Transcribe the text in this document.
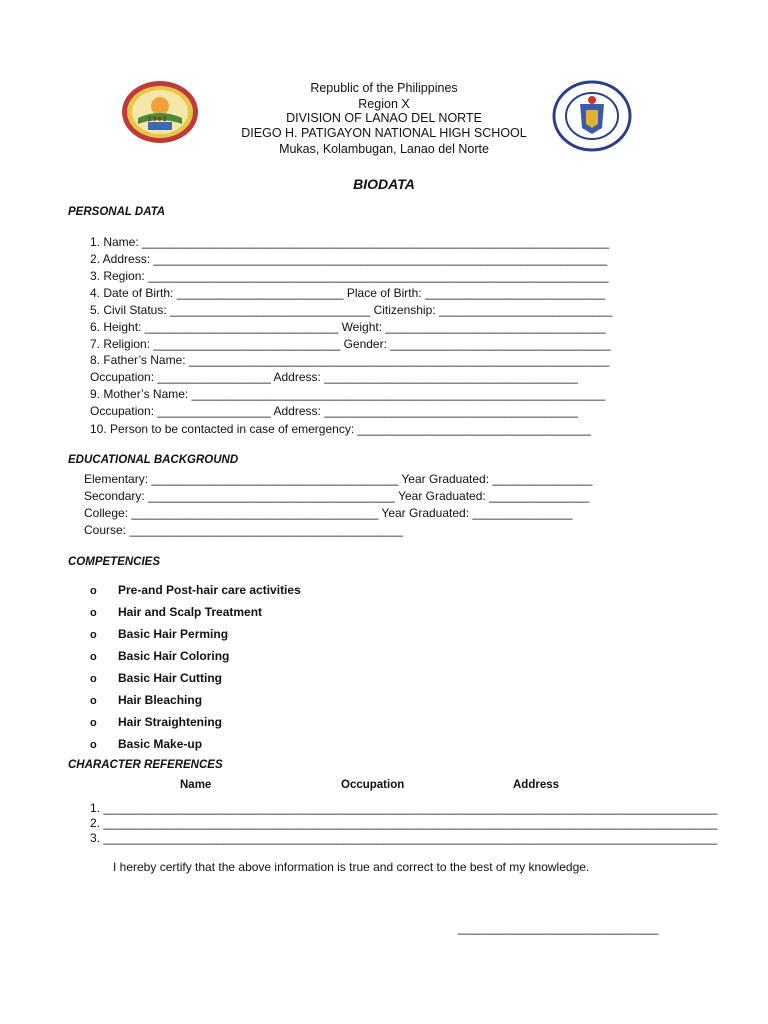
1 9 6 2
Republic of the Philippines
Region X
DIVISION OF LANAO DEL NORTE
DIEGO H. PATIGAYON NATIONAL HIGH SCHOOL
Mukas, Kolambugan, Lanao del Norte
BIODATA
PERSONAL DATA
1. Name: ______________________________________________________________________
2. Address: ____________________________________________________________________
3. Region: _____________________________________________________________________
4. Date of Birth: _________________________ Place of Birth: ___________________________
5. Civil Status: ______________________________ Citizenship: __________________________
6. Height: _____________________________ Weight: _________________________________
7. Religion: ____________________________ Gender: _________________________________
8. Father’s Name: _______________________________________________________________
Occupation: _________________ Address: ______________________________________
9. Mother’s Name: ______________________________________________________________
Occupation: _________________ Address: ______________________________________
10. Person to be contacted in case of emergency: ___________________________________
EDUCATIONAL BACKGROUND
Elementary: _____________________________________ Year Graduated: _______________
Secondary: _____________________________________ Year Graduated: _______________
College: _____________________________________ Year Graduated: _______________
Course: _________________________________________
COMPETENCIES
o Pre-and Post-hair care activities
o Hair and Scalp Treatment
o Basic Hair Perming
o Basic Hair Coloring
o Basic Hair Cutting
o Hair Bleaching
o Hair Straightening
o Basic Make-up
CHARACTER REFERENCES
Name	Occupation	Address
1. ____________________________________________________________________________________________
2. ____________________________________________________________________________________________
3. ____________________________________________________________________________________________
I hereby certify that the above information is true and correct to the best of my knowledge.
______________________________
